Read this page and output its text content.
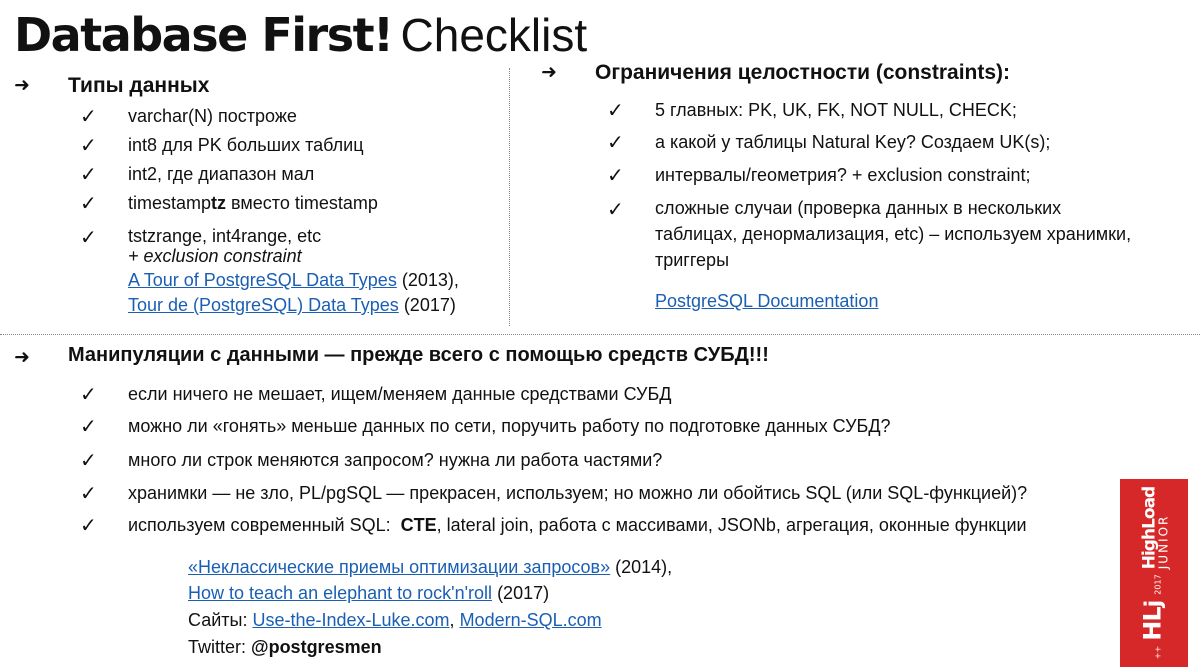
Database First! Checklist
➜ Типы данных
✓ varchar(N) построже
✓ int8 для PK больших таблиц
✓ int2, где диапазон мал
✓ timestamptz вместо timestamp
✓ tstzrange, int4range, etc
+ exclusion constraint
A Tour of PostgreSQL Data Types (2013),
Tour de (PostgreSQL) Data Types (2017)
➜ Ограничения целостности (constraints):
✓ 5 главных: PK, UK, FK, NOT NULL, CHECK;
✓ а какой у таблицы Natural Key? Создаем UK(s);
✓ интервалы/геометрия? + exclusion constraint;
✓ сложные случаи (проверка данных в нескольких
таблицах, денормализация, etc) – используем хранимки,
триггеры
PostgreSQL Documentation
➜ Манипуляции с данными — прежде всего с помощью средств СУБД!!!
✓ если ничего не мешает, ищем/меняем данные средствами СУБД
✓ можно ли «гонять» меньше данных по сети, поручить работу по подготовке данных СУБД?
✓ много ли строк меняются запросом? нужна ли работа частями?
✓ хранимки — не зло, PL/pgSQL — прекрасен, используем; но можно ли обойтись SQL (или SQL-функцией)?
✓ используем современный SQL:  CTE, lateral join, работа с массивами, JSONb, агрегация, оконные функции
«Неклассические приемы оптимизации запросов» (2014),
How to teach an elephant to rock'n'roll (2017)
Сайты: Use-the-Index-Luke.com, Modern-SQL.com
Twitter: @postgresmen	++ HLj 2017
HighLoad
JUNIOR
